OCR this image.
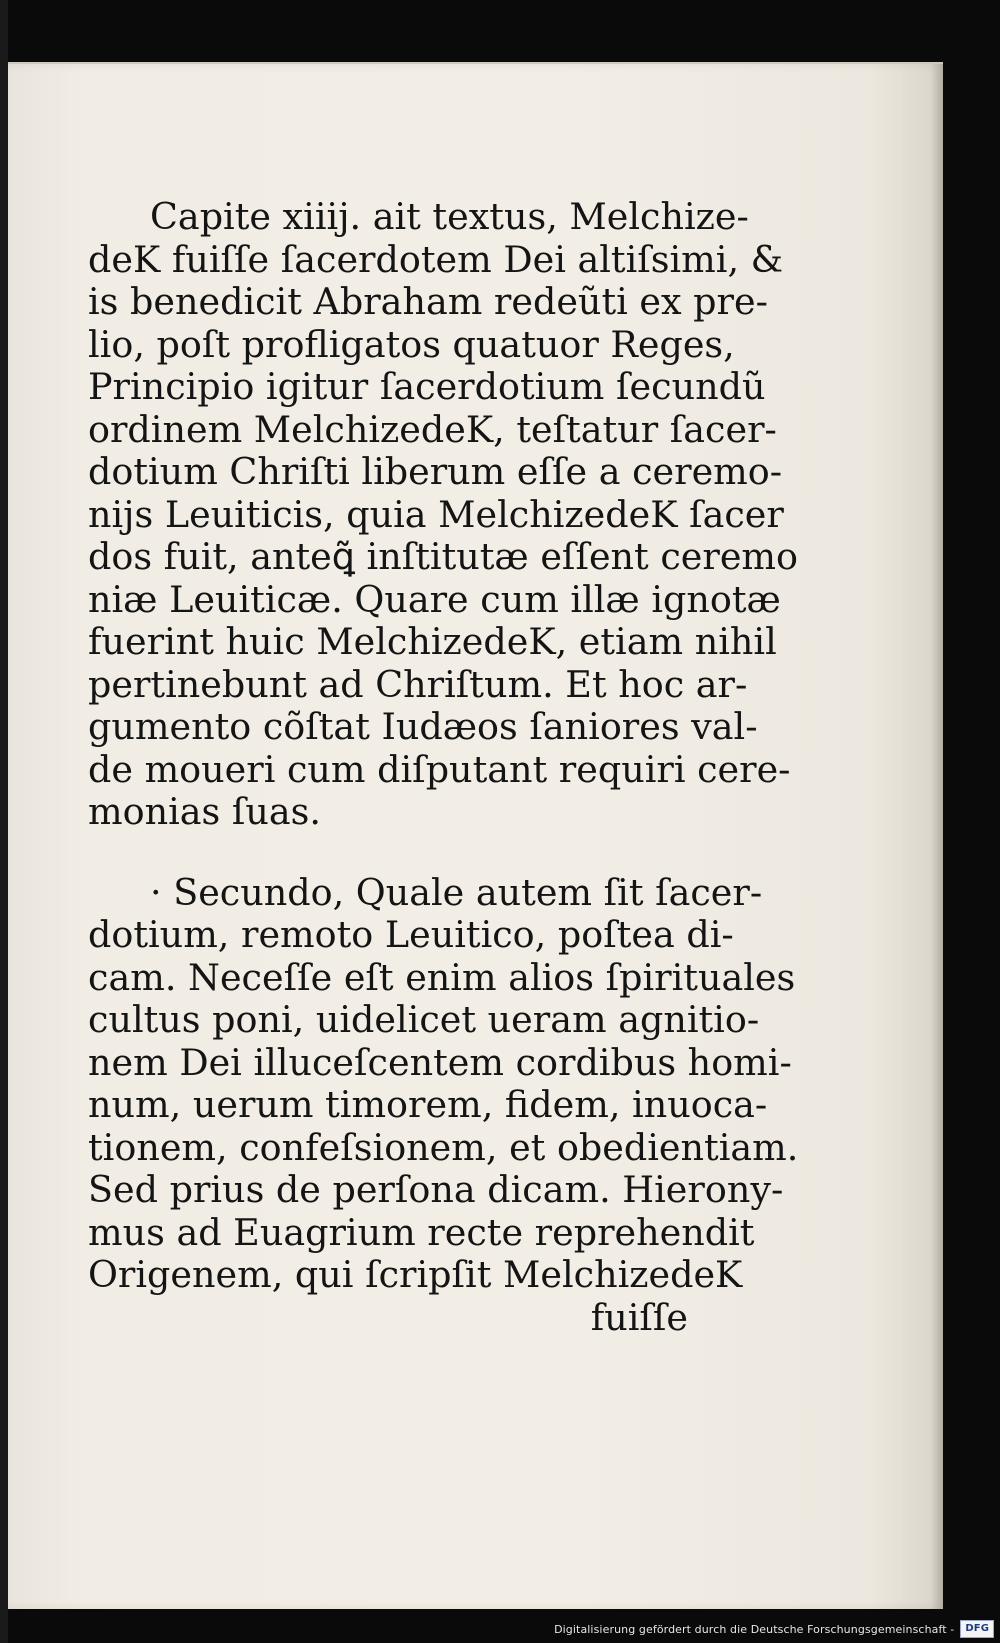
Capite xiiij. ait textus, Melchize-
deK fuiſſe ſacerdotem Dei altiſsimi, &
is benedicit Abraham redeũti ex pre-
lio, poſt profligatos quatuor Reges,
Principio igitur ſacerdotium ſecundũ
ordinem MelchizedeK, teſtatur ſacer-
dotium Chriſti liberum eſſe a ceremo-
nijs Leuiticis, quia MelchizedeK ſacer
dos fuit, anteꝗ̃ inſtitutæ eſſent ceremo
niæ Leuiticæ. Quare cum illæ ignotæ
fuerint huic MelchizedeK, etiam nihil
pertinebunt ad Chriſtum. Et hoc ar-
gumento cõſtat Iudæos ſaniores val-
de moueri cum diſputant requiri cere-
monias ſuas.
· Secundo, Quale autem ſit ſacer-
dotium, remoto Leuitico, poſtea di-
cam. Neceſſe eſt enim alios ſpirituales
cultus poni, uidelicet ueram agnitio-
nem Dei illuceſcentem cordibus homi-
num, uerum timorem, fidem, inuoca-
tionem, confeſsionem, et obedientiam.
Sed prius de perſona dicam. Hierony-
mus ad Euagrium recte reprehendit
Origenem, qui ſcripſit MelchizedeK
fuiſſe
Digitalisierung gefördert durch die Deutsche Forschungsgemeinschaft -	DFG
